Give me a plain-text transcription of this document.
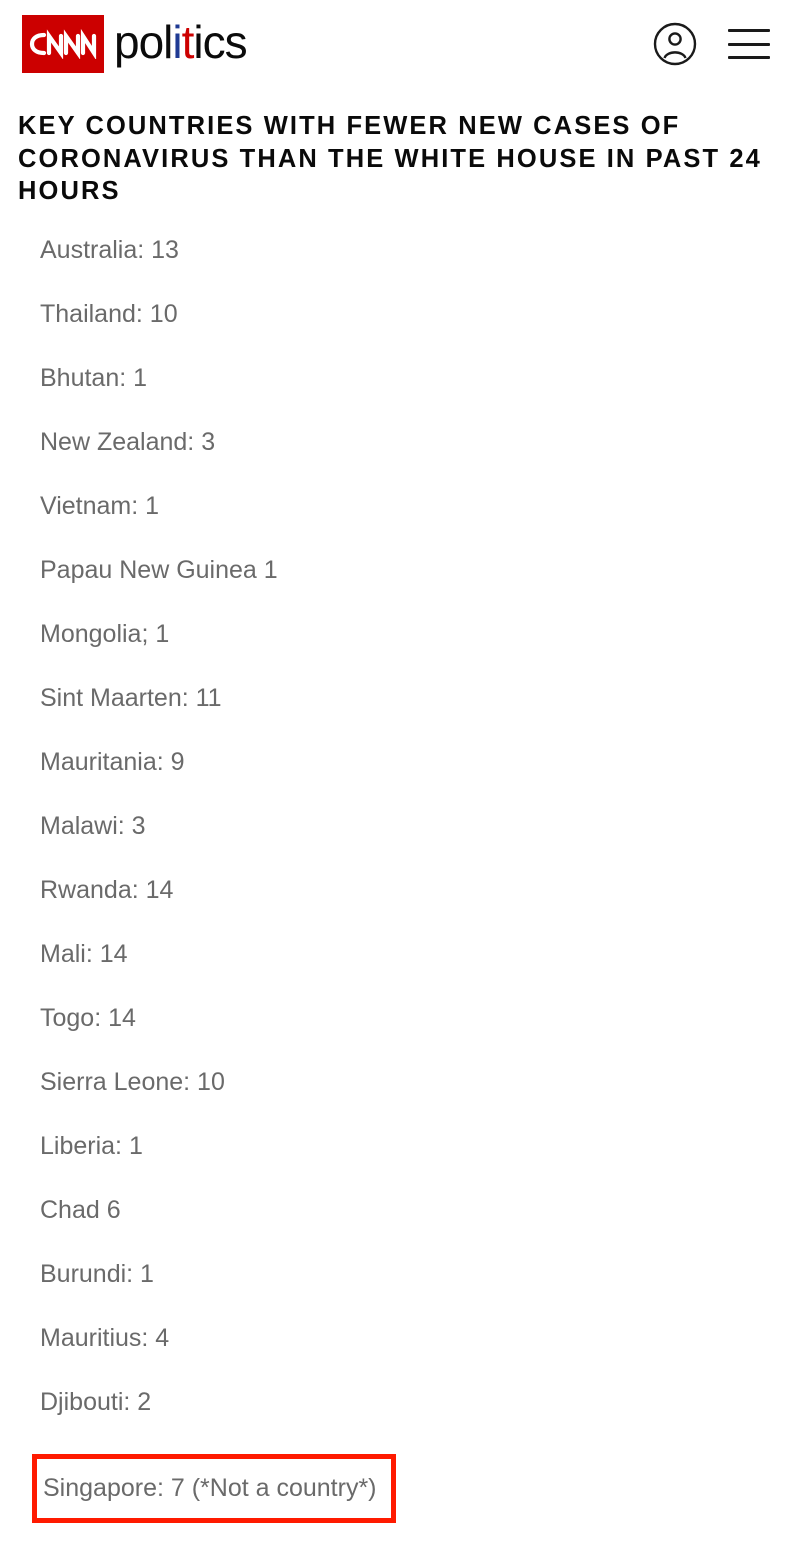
politics
KEY COUNTRIES WITH FEWER NEW CASES OF CORONAVIRUS THAN THE WHITE HOUSE IN PAST 24 HOURS
Australia: 13
Thailand: 10
Bhutan: 1
New Zealand: 3
Vietnam: 1
Papau New Guinea 1
Mongolia; 1
Sint Maarten: 11
Mauritania: 9
Malawi: 3
Rwanda: 14
Mali: 14
Togo: 14
Sierra Leone: 10
Liberia: 1
Chad 6
Burundi: 1
Mauritius: 4
Djibouti: 2
Singapore: 7 (*Not a country*)
